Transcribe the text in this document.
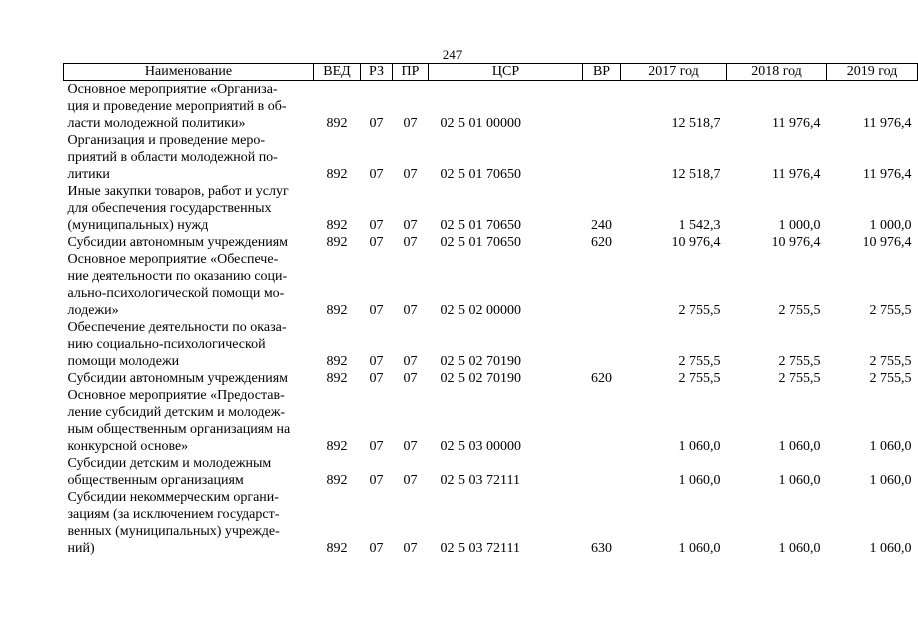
247
Наименование	ВЕД	РЗ	ПР	ЦСР	ВР	2017 год	2018 год	2019 год
Основное мероприятие «Организа-
ция и проведение мероприятий в об-
ласти молодежной политики»	892	07	07	02 5 01 00000		12 518,7	11 976,4	11 976,4
Организация и проведение меро-
приятий в области молодежной по-
литики	892	07	07	02 5 01 70650		12 518,7	11 976,4	11 976,4
Иные закупки товаров, работ и услуг
для обеспечения государственных
(муниципальных) нужд	892	07	07	02 5 01 70650	240	1 542,3	1 000,0	1 000,0
Субсидии автономным учреждениям	892	07	07	02 5 01 70650	620	10 976,4	10 976,4	10 976,4
Основное мероприятие «Обеспече-
ние деятельности по оказанию соци-
ально-психологической помощи мо-
лодежи»	892	07	07	02 5 02 00000		2 755,5	2 755,5	2 755,5
Обеспечение деятельности по оказа-
нию социально-психологической
помощи молодежи	892	07	07	02 5 02 70190		2 755,5	2 755,5	2 755,5
Субсидии автономным учреждениям	892	07	07	02 5 02 70190	620	2 755,5	2 755,5	2 755,5
Основное мероприятие «Предостав-
ление субсидий детским и молодеж-
ным общественным организациям на
конкурсной основе»	892	07	07	02 5 03 00000		1 060,0	1 060,0	1 060,0
Субсидии детским и молодежным
общественным организациям	892	07	07	02 5 03 72111		1 060,0	1 060,0	1 060,0
Субсидии некоммерческим органи-
зациям (за исключением государст-
венных (муниципальных) учрежде-
ний)	892	07	07	02 5 03 72111	630	1 060,0	1 060,0	1 060,0
